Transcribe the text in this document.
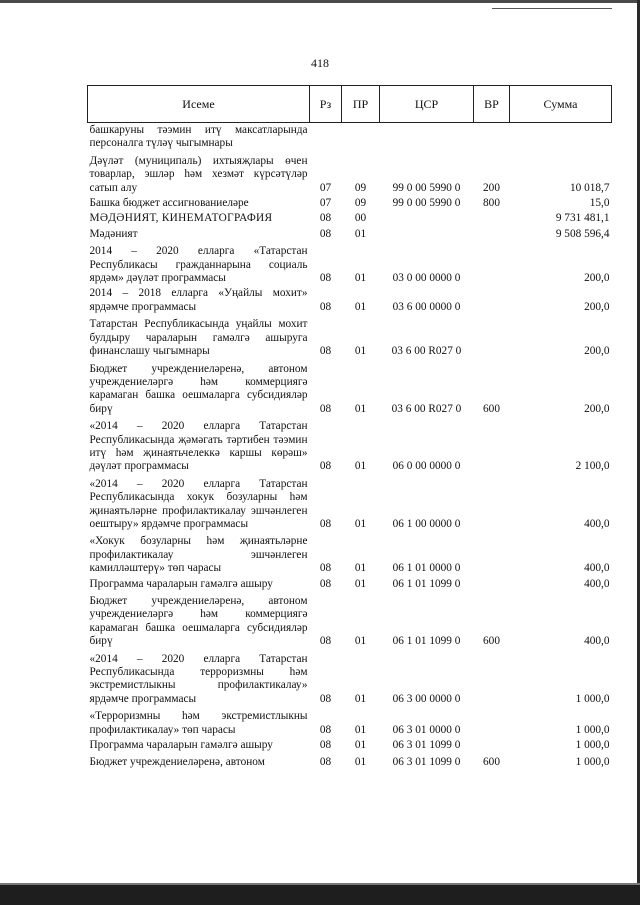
418
Исеме	Рз	ПР	ЦСР	ВР	Сумма
башкаруны тәэмин итү максатларында персоналга түләү чыгымнары					
Дәүләт (муниципаль) ихтыяҗлары өчен товарлар, эшләр һәм хезмәт күрсәтүләр сатып алу	07	09	99 0 00 5990 0	200	10 018,7
Башка бюджет ассигнованиеләре	07	09	99 0 00 5990 0	800	15,0
МӘДӘНИЯТ, КИНЕМАТОГРАФИЯ	08	00			9 731 481,1
Мәдәният	08	01			9 508 596,4
2014 – 2020 елларга «Татарстан Республикасы гражданнарына социаль ярдәм» дәүләт программасы	08	01	03 0 00 0000 0		200,0
2014 – 2018 елларга «Уңайлы мохит» ярдәмче программасы	08	01	03 6 00 0000 0		200,0
Татарстан Республикасында уңайлы мохит булдыру чараларын гамәлгә ашыруга финанслашу чыгымнары	08	01	03 6 00 R027 0		200,0
Бюджет учреждениеләренә, автоном учреждениеләргә һәм коммерциягә карамаган башка оешмаларга субсидияләр бирү	08	01	03 6 00 R027 0	600	200,0
«2014 – 2020 елларга Татарстан Республикасында җәмәгать тәртибен тәэмин итү һәм җинаятьчелеккә каршы көрәш» дәүләт программасы	08	01	06 0 00 0000 0		2 100,0
«2014 – 2020 елларга Татарстан Республикасында хокук бозуларны һәм җинаятьләрне профилактикалау эшчәнлеген оештыру» ярдәмче программасы	08	01	06 1 00 0000 0		400,0
«Хокук бозуларны һәм җинаятьләрне профилактикалау эшчәнлеген камилләштерү» төп чарасы	08	01	06 1 01 0000 0		400,0
Программа чараларын гамәлгә ашыру	08	01	06 1 01 1099 0		400,0
Бюджет учреждениеләренә, автоном учреждениеләргә һәм коммерциягә карамаган башка оешмаларга субсидияләр бирү	08	01	06 1 01 1099 0	600	400,0
«2014 – 2020 елларга Татарстан Республикасында терроризмны һәм экстремистлыкны профилактикалау» ярдәмче программасы	08	01	06 3 00 0000 0		1 000,0
«Терроризмны һәм экстремистлыкны профилактикалау» төп чарасы	08	01	06 3 01 0000 0		1 000,0
Программа чараларын гамәлгә ашыру	08	01	06 3 01 1099 0		1 000,0
Бюджет учреждениеләренә, автоном	08	01	06 3 01 1099 0	600	1 000,0
